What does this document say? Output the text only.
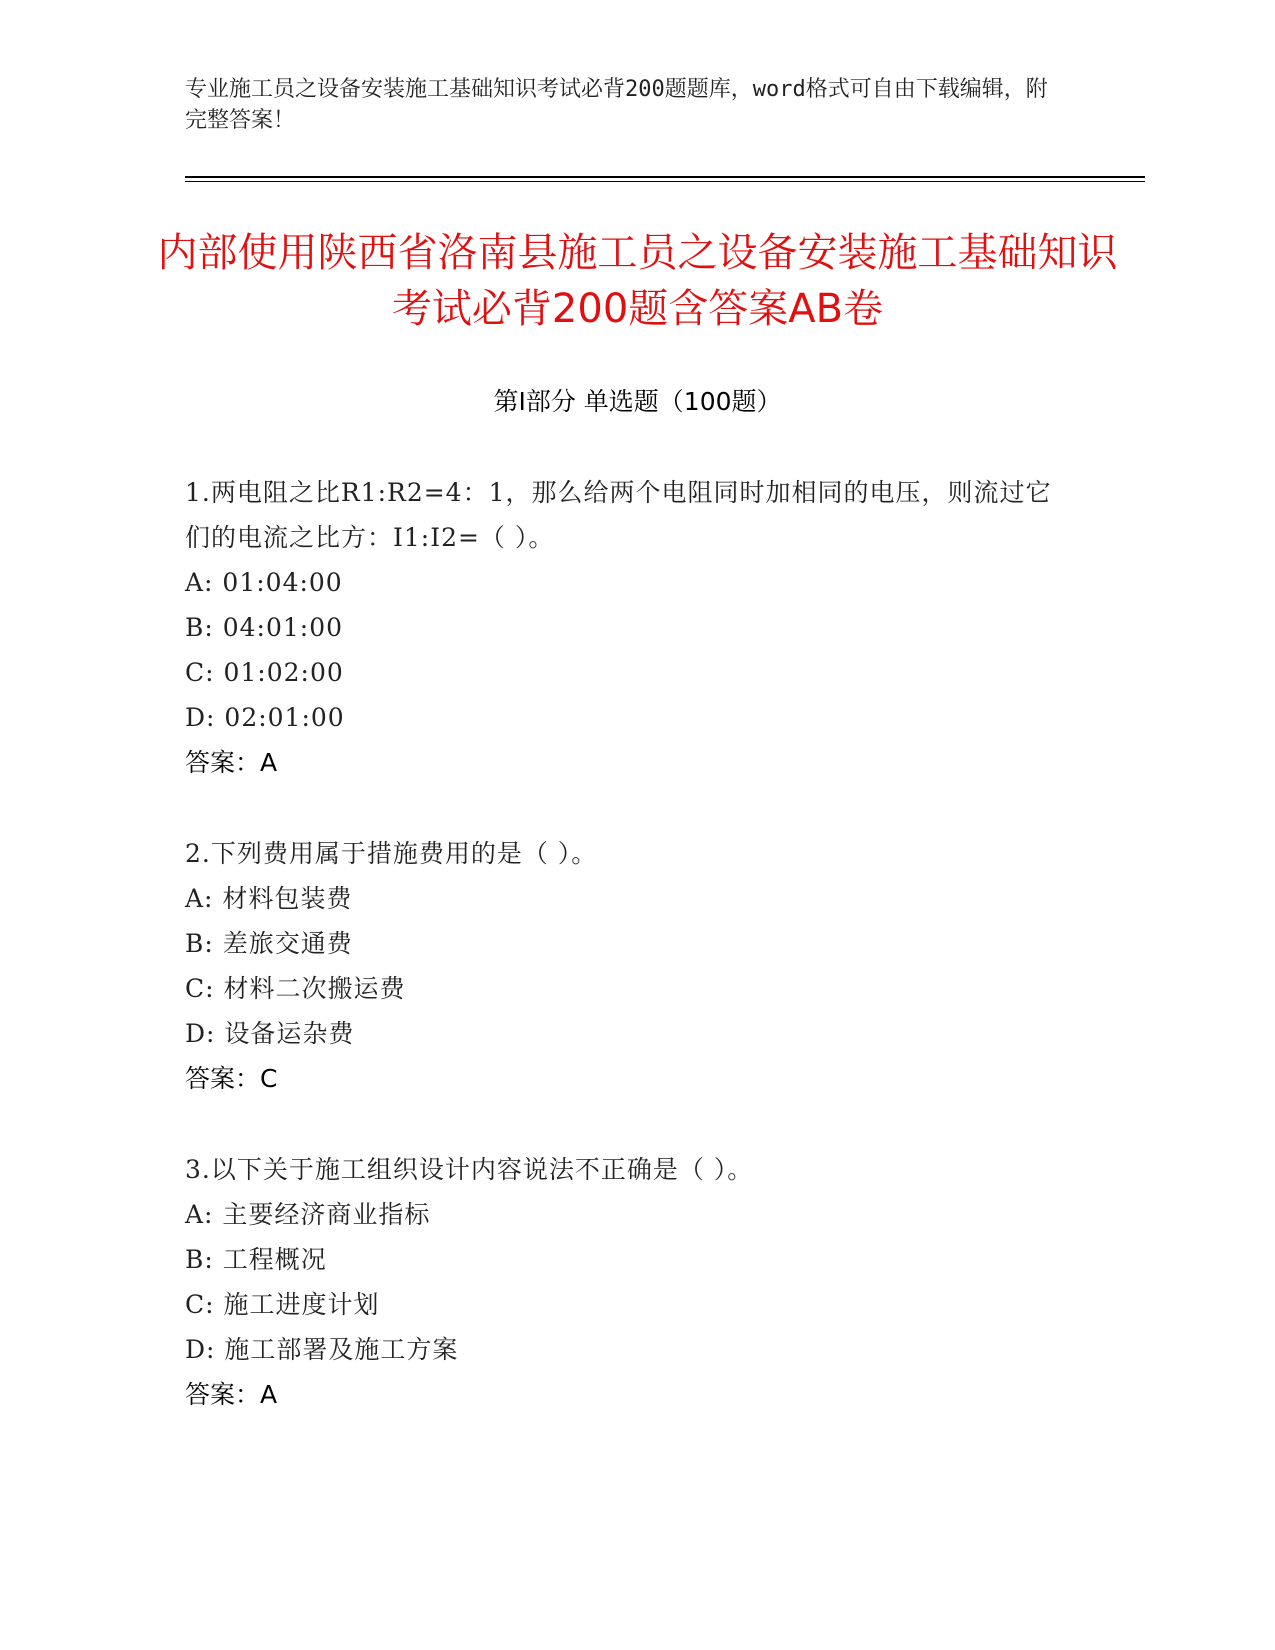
专业施工员之设备安装施工基础知识考试必背200题题库，word格式可自由下载编辑，附完整答案！
内部使用陕西省洛南县施工员之设备安装施工基础知识考试必背200题含答案AB卷
第Ⅰ部分 单选题（100题）

1.两电阻之比R1:R2=4：1，那么给两个电阻同时加相同的电压，则流过它们的电流之比方：I1:I2=（ ）。

A: 01:04:00

B: 04:01:00

C: 01:02:00

D: 02:01:00

答案：A

2.下列费用属于措施费用的是（ ）。

A: 材料包装费

B: 差旅交通费

C: 材料二次搬运费

D: 设备运杂费

答案：C

3.以下关于施工组织设计内容说法不正确是（ ）。

A: 主要经济商业指标

B: 工程概况

C: 施工进度计划

D: 施工部署及施工方案

答案：A
